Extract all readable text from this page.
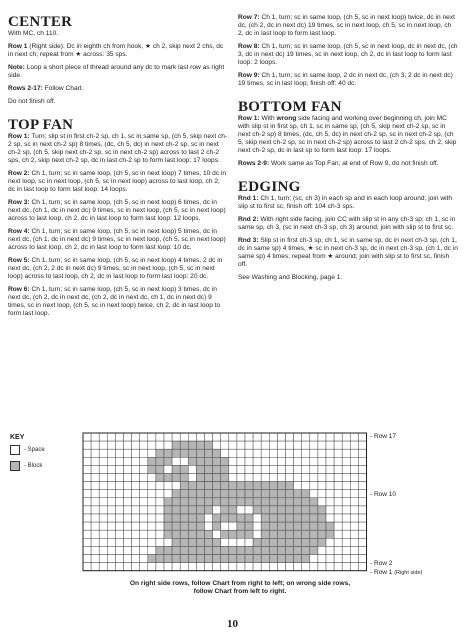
CENTER

With MC, ch 110.

Row 1 (Right side): Dc in eighth ch from hook, ★ ch 2, skip next 2 chs, dc in next ch; repeat from ★ across: 35 sps.

Note: Loop a short piece of thread around any dc to mark last row as right side.

Rows 2-17: Follow Chart.

Do not finish off.

TOP FAN

Row 1: Turn; slip st in first ch-2 sp, ch 1, sc in same sp, (ch 5, skip next ch-2 sp, sc in next ch-2 sp) 8 times, (dc, ch 5, dc) in next ch-2 sp, sc in next ch-2 sp, (ch 5, skip next ch-2 sp, sc in next ch-2 sp) across to last 2 ch-2 sps, ch 2, skip next ch-2 sp, dc in last ch-2 sp to form last loop: 17 loops.

Row 2: Ch 1, turn; sc in same loop, (ch 5, sc in next loop) 7 times, 10 dc in next loop, sc in next loop, (ch 5, sc in next loop) across to last loop, ch 2, dc in last loop to form last loop: 14 loops.

Row 3: Ch 1, turn; sc in same loop, (ch 5, sc in next loop) 6 times, dc in next dc, (ch 1, dc in next dc) 9 times, sc in next loop, (ch 5, sc in next loop) across to last loop, ch 2, dc in last loop to form last loop: 12 loops.

Row 4: Ch 1, turn; sc in same loop, (ch 5, sc in next loop) 5 times, dc in next dc, (ch 1, dc in next dc) 9 times, sc in next loop, (ch 5, sc in next loop) across to last loop, ch 2, dc in last loop to form last loop: 10 dc.

Row 5: Ch 1, turn; sc in same loop, (ch 5, sc in next loop) 4 times, 2 dc in next dc, (ch 2, 2 dc in next dc) 9 times, sc in next loop, (ch 5, sc in next loop) across to last loop, ch 2, dc in last loop to form last loop: 20 dc.

Row 6: Ch 1, turn; sc in same loop, (ch 5, sc in next loop) 3 times, dc in next dc, (ch 2, dc in next dc, (ch 2, dc in next dc, ch 1, dc in next dc) 9 times, sc in next loop, (ch 5, sc in next loop) twice, ch 2, dc in last loop to form last loop.

Row 7: Ch 1, turn; sc in same loop, (ch 5, sc in next loop) twice, dc in next dc, (ch 2, dc in next dc) 19 times, sc in next loop, ch 5, sc in next loop, ch 2, dc in last loop to form last loop.

Row 8: Ch 1, turn; sc in same loop, (ch 5, sc in next loop, dc in next dc, (ch 3, dc in next dc) 19 times, sc in next loop, ch 2, dc in last loop to form last loop: 2 loops.

Row 9: Ch 1, turn; sc in same loop, 2 dc in next dc, (ch 3, 2 dc in next dc) 19 times, sc in last loop; finish off: 40 dc.

BOTTOM FAN

Row 1: With wrong side facing and working over beginning ch, join MC with slip st in first sp, ch 1, sc in same sp, (ch 5, skip next ch-2 sp, sc in next ch-2 sp) 8 times, (dc, ch 5, dc) in next ch-2 sp, sc in next ch-2 sp, (ch 5, skip next ch-2 sp, sc in next ch-2 sp) across to last 2 ch-2 sps, ch 2, skip next ch-2 sp, dc in last sp to form last loop: 17 loops.

Rows 2-9: Work same as Top Fan; at end of Row 9, do not finish off.

EDGING

Rnd 1: Ch 1, turn; (sc, ch 3) in each sp and in each loop around; join with slip st to first sc, finish off: 104 ch-3 sps.

Rnd 2: With right side facing, join CC with slip st in any ch-3 sp; ch 1, sc in same sp, ch 3, (sc in next ch-3 sp, ch 3) around; join with slip st to first sc.

Rnd 3: Slip st in first ch-3 sp, ch 1, sc in same sp, dc in next ch-3 sp, (ch 1, dc in same sp) 4 times, ★ sc in next ch-3 sp, dc in next ch-3 sp, (ch 1, dc in same sp) 4 times; repeat from ★ around; join with slip st to first sc, finish off.

See Washing and Blocking, page 1.

KEY
- Space
- Block
- Row 17
- Row 10
- Row 2
- Row 1 (Right side)
On right side rows, follow Chart from right to left; on wrong side rows, follow Chart from left to right.
10
